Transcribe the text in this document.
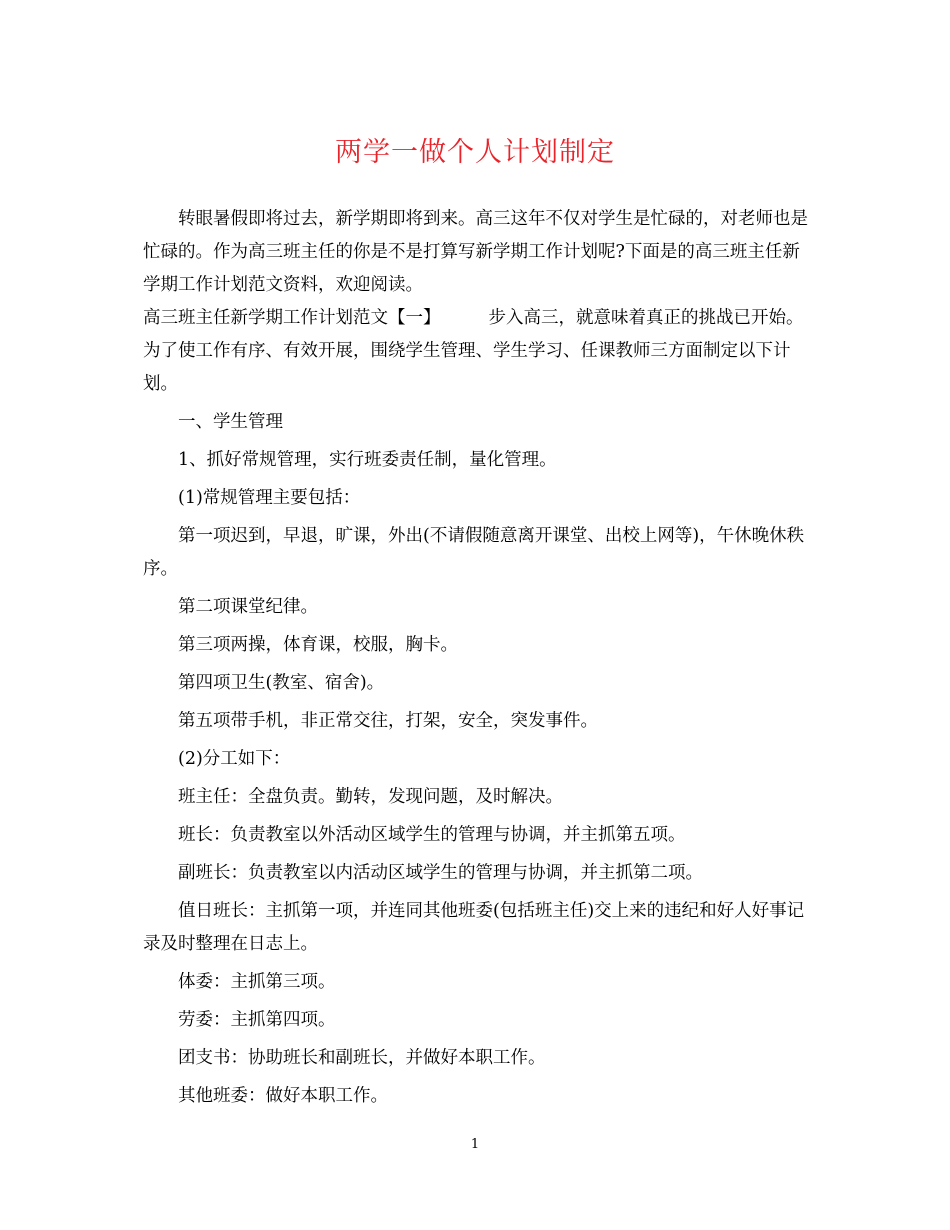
两学一做个人计划制定

转眼暑假即将过去，新学期即将到来。高三这年不仅对学生是忙碌的，对老师也是忙碌的。作为高三班主任的你是不是打算写新学期工作计划呢?下面是的高三班主任新学期工作计划范文资料，欢迎阅读。

高三班主任新学期工作计划范文【一】	步入高三，就意味着真正的挑战已开始。为了使工作有序、有效开展，围绕学生管理、学生学习、任课教师三方面制定以下计划。

一、学生管理

1、抓好常规管理，实行班委责任制，量化管理。

(1)常规管理主要包括：

第一项迟到，早退，旷课，外出(不请假随意离开课堂、出校上网等)，午休晚休秩序。

第二项课堂纪律。

第三项两操，体育课，校服，胸卡。

第四项卫生(教室、宿舍)。

第五项带手机，非正常交往，打架，安全，突发事件。

(2)分工如下：

班主任：全盘负责。勤转，发现问题，及时解决。

班长：负责教室以外活动区域学生的管理与协调，并主抓第五项。

副班长：负责教室以内活动区域学生的管理与协调，并主抓第二项。

值日班长：主抓第一项，并连同其他班委(包括班主任)交上来的违纪和好人好事记录及时整理在日志上。

体委：主抓第三项。

劳委：主抓第四项。

团支书：协助班长和副班长，并做好本职工作。

其他班委：做好本职工作。

1
